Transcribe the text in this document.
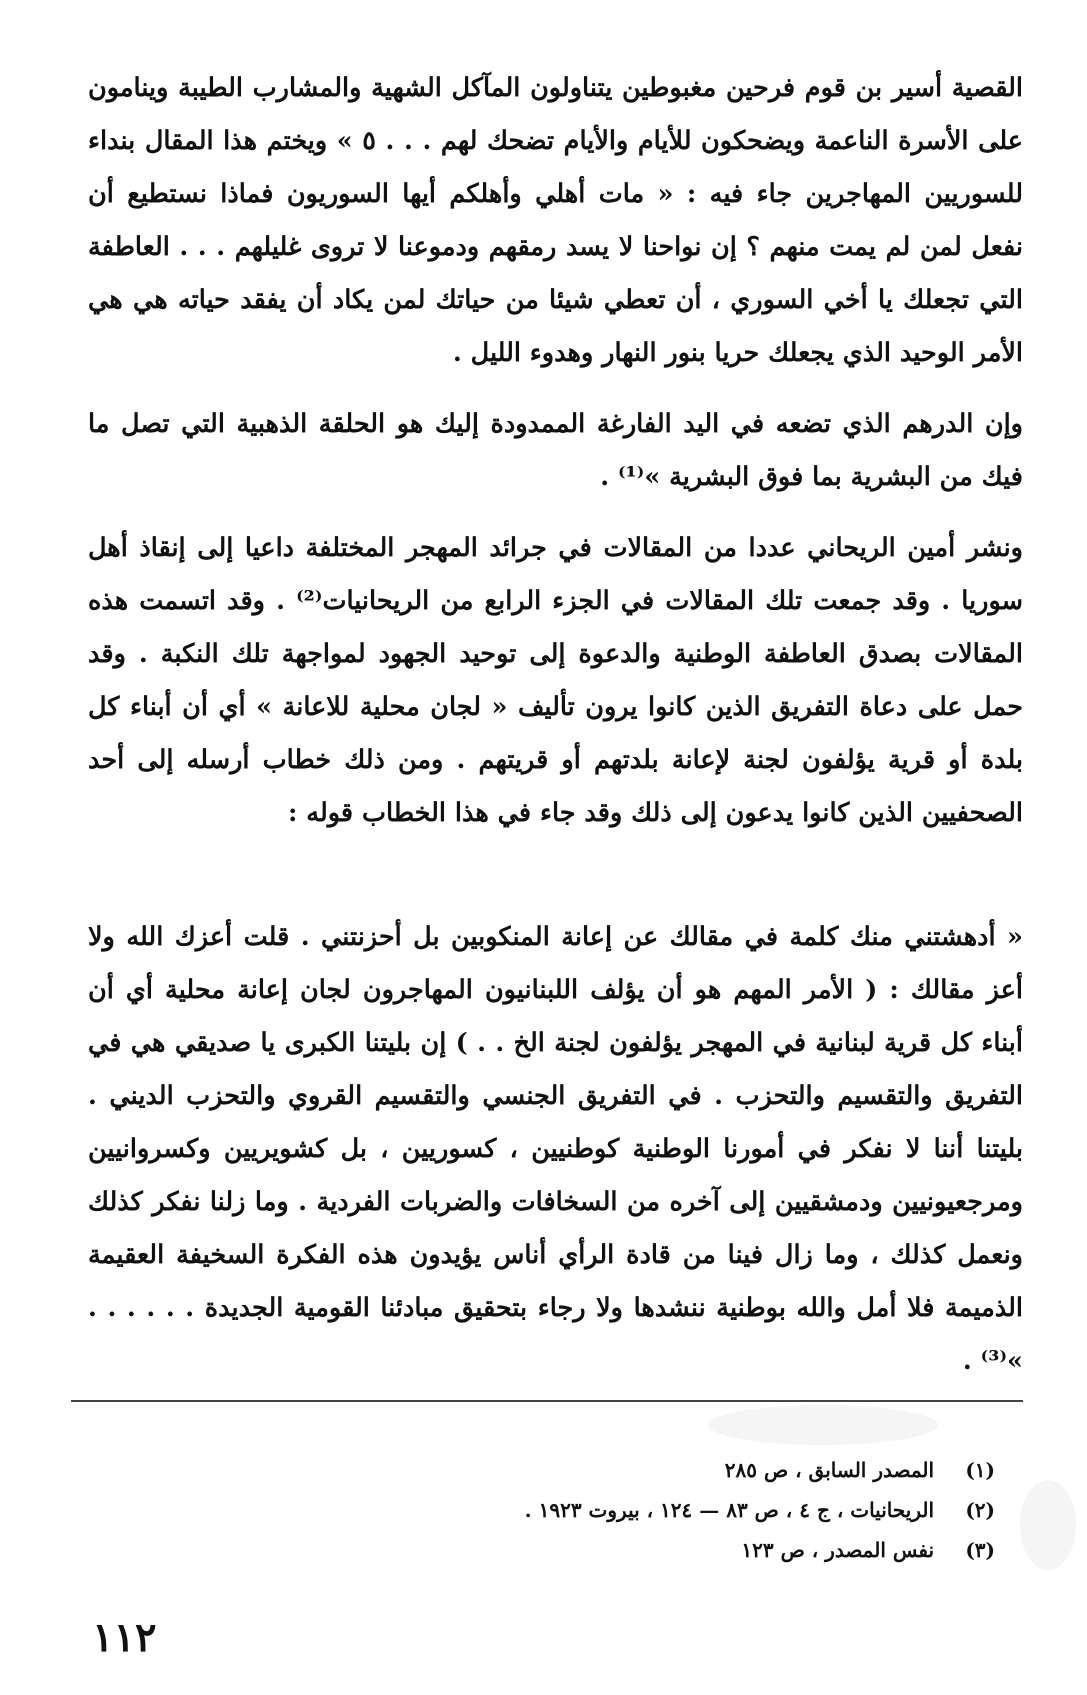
القصية أسير بن قوم فرحين مغبوطين يتناولون المآكل الشهية والمشارب الطيبة وينامون على الأسرة الناعمة ويضحكون للأيام والأيام تضحك لهم . . . ٥ » ويختم هذا المقال بنداء للسوريين المهاجرين جاء فيه : « مات أهلي وأهلكم أيها السوريون فماذا نستطيع أن نفعل لمن لم يمت منهم ؟ إن نواحنا لا يسد رمقهم ودموعنا لا تروى غليلهم . . . العاطفة التي تجعلك يا أخي السوري ، أن تعطي شيئا من حياتك لمن يكاد أن يفقد حياته هي هي الأمر الوحيد الذي يجعلك حريا بنور النهار وهدوء الليل .

وإن الدرهم الذي تضعه في اليد الفارغة الممدودة إليك هو الحلقة الذهبية التي تصل ما فيك من البشرية بما فوق البشرية »⁽¹⁾ .

ونشر أمين الريحاني عددا من المقالات في جرائد المهجر المختلفة داعيا إلى إنقاذ أهل سوريا . وقد جمعت تلك المقالات في الجزء الرابع من الريحانيات⁽²⁾ . وقد اتسمت هذه المقالات بصدق العاطفة الوطنية والدعوة إلى توحيد الجهود لمواجهة تلك النكبة . وقد حمل على دعاة التفريق الذين كانوا يرون تأليف « لجان محلية للاعانة » أي أن أبناء كل بلدة أو قرية يؤلفون لجنة لإعانة بلدتهم أو قريتهم . ومن ذلك خطاب أرسله إلى أحد الصحفيين الذين كانوا يدعون إلى ذلك وقد جاء في هذا الخطاب قوله :

« أدهشتني منك كلمة في مقالك عن إعانة المنكوبين بل أحزنتني . قلت أعزك الله ولا أعز مقالك : ( الأمر المهم هو أن يؤلف اللبنانيون المهاجرون لجان إعانة محلية أي أن أبناء كل قرية لبنانية في المهجر يؤلفون لجنة الخ . . ) إن بليتنا الكبرى يا صديقي هي في التفريق والتقسيم والتحزب . في التفريق الجنسي والتقسيم القروي والتحزب الديني . بليتنا أننا لا نفكر في أمورنا الوطنية كوطنيين ، كسوريين ، بل كشويريين وكسروانيين ومرجعيونيين ودمشقيين إلى آخره من السخافات والضربات الفردية . وما زلنا نفكر كذلك ونعمل كذلك ، وما زال فينا من قادة الرأي أناس يؤيدون هذه الفكرة السخيفة العقيمة الذميمة فلا أمل والله بوطنية ننشدها ولا رجاء بتحقيق مبادئنا القومية الجديدة . . . . . . »⁽³⁾ .

(١) المصدر السابق ، ص ٢٨٥

(٢) الريحانيات ، ج ٤ ، ص ٨٣ — ١٢٤ ، بيروت ١٩٢٣ .

(٣) نفس المصدر ، ص ١٢٣

١١٢
